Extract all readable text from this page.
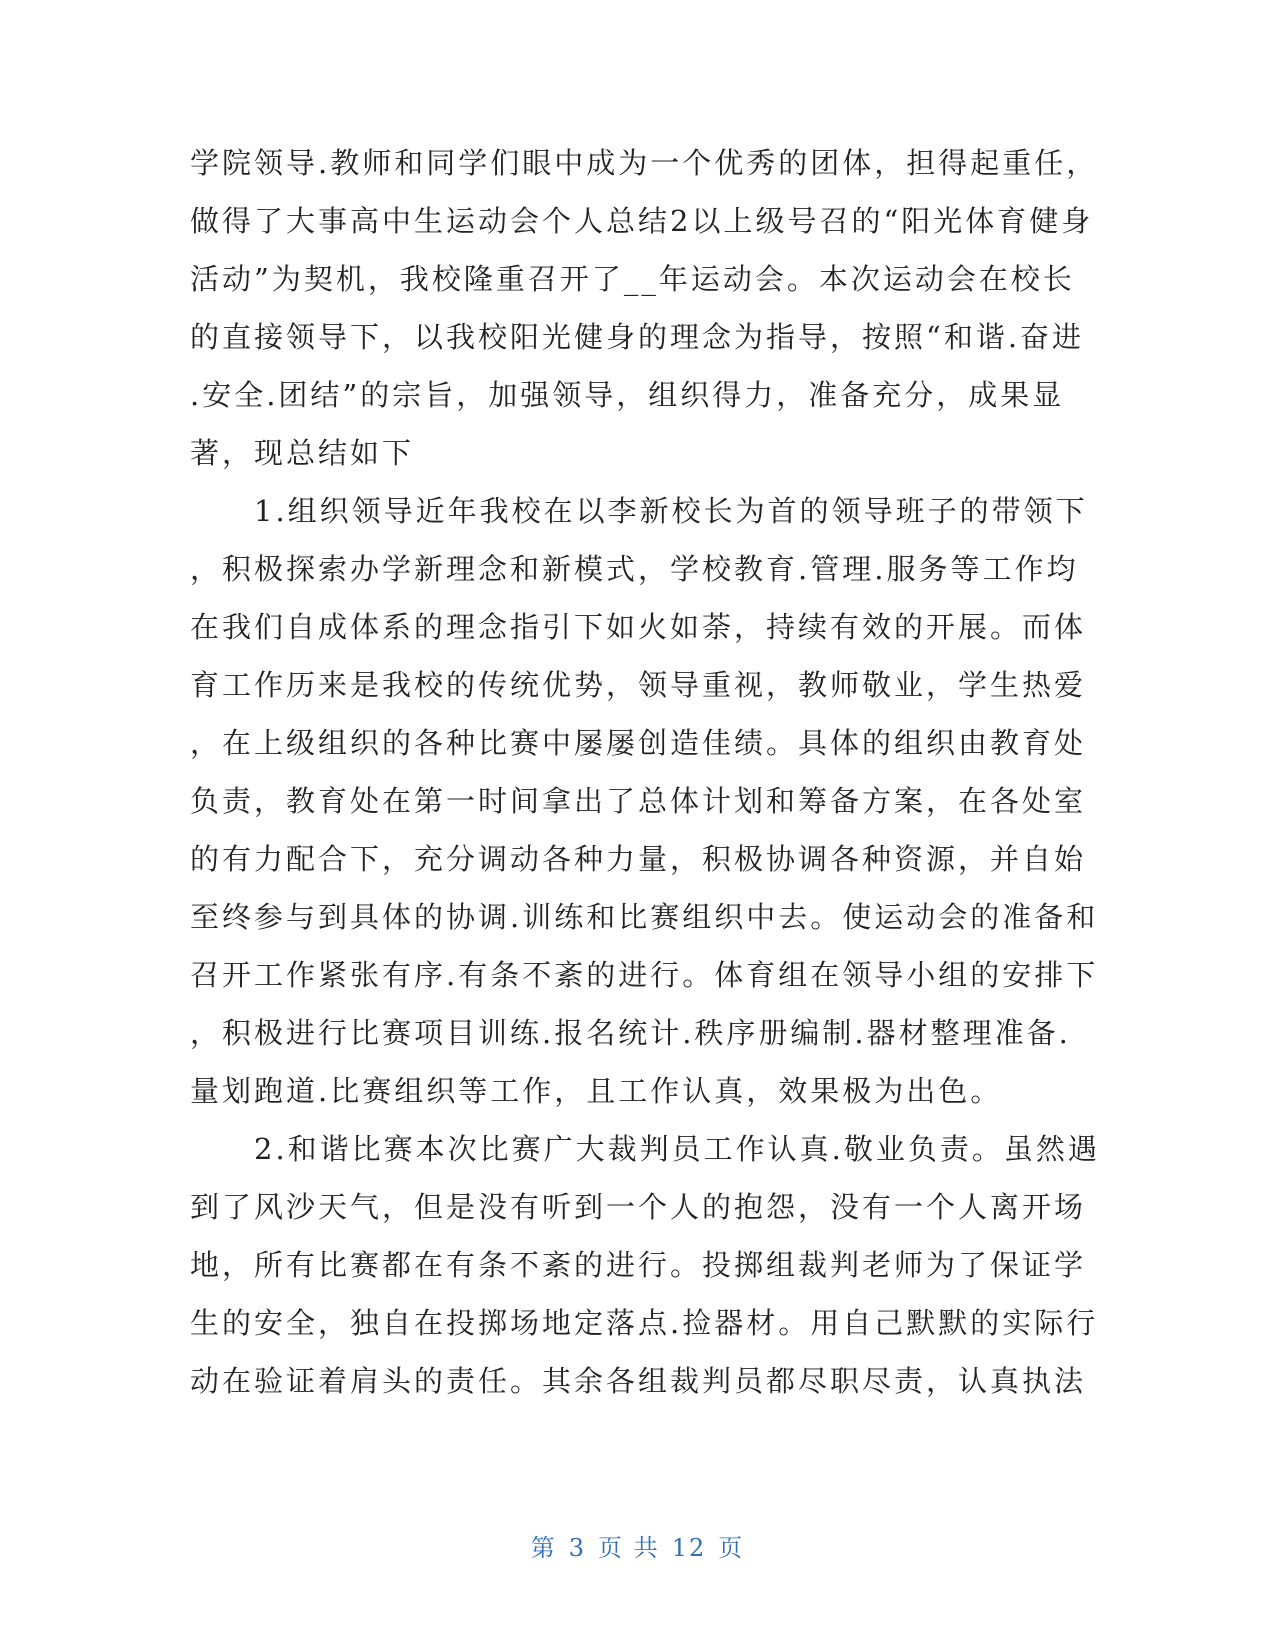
学院领导.教师和同学们眼中成为一个优秀的团体，担得起重任，
做得了大事高中生运动会个人总结2以上级号召的“阳光体育健身
活动”为契机，我校隆重召开了__年运动会。本次运动会在校长
的直接领导下，以我校阳光健身的理念为指导，按照“和谐.奋进
.安全.团结”的宗旨，加强领导，组织得力，准备充分，成果显
著，现总结如下
　　1.组织领导近年我校在以李新校长为首的领导班子的带领下
，积极探索办学新理念和新模式，学校教育.管理.服务等工作均
在我们自成体系的理念指引下如火如荼，持续有效的开展。而体
育工作历来是我校的传统优势，领导重视，教师敬业，学生热爱
，在上级组织的各种比赛中屡屡创造佳绩。具体的组织由教育处
负责，教育处在第一时间拿出了总体计划和筹备方案，在各处室
的有力配合下，充分调动各种力量，积极协调各种资源，并自始
至终参与到具体的协调.训练和比赛组织中去。使运动会的准备和
召开工作紧张有序.有条不紊的进行。体育组在领导小组的安排下
，积极进行比赛项目训练.报名统计.秩序册编制.器材整理准备.
量划跑道.比赛组织等工作，且工作认真，效果极为出色。
　　2.和谐比赛本次比赛广大裁判员工作认真.敬业负责。虽然遇
到了风沙天气，但是没有听到一个人的抱怨，没有一个人离开场
地，所有比赛都在有条不紊的进行。投掷组裁判老师为了保证学
生的安全，独自在投掷场地定落点.捡器材。用自己默默的实际行
动在验证着肩头的责任。其余各组裁判员都尽职尽责，认真执法
第 3 页 共 12 页
